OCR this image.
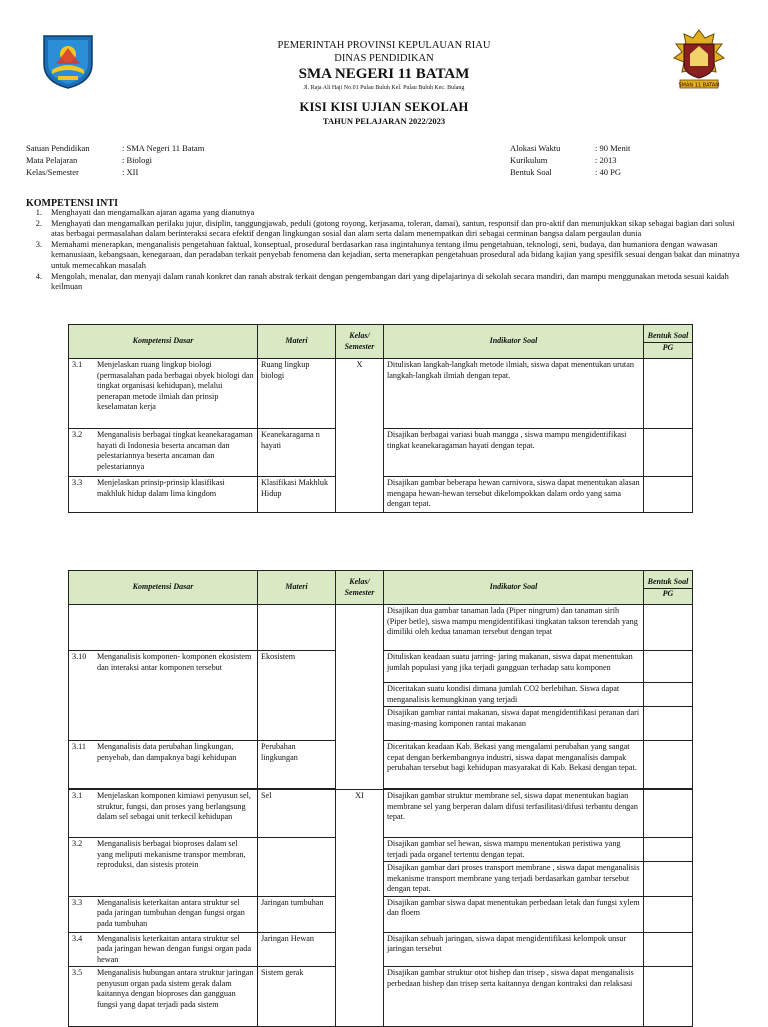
SMAN 11 BATAM
PEMERINTAH PROVINSI KEPULAUAN RIAU
DINAS PENDIDIKAN
SMA NEGERI 11 BATAM
Jl. Raja Ali Haji No.01 Pulau Buluh Kel. Pulau Buluh Kec. Bulang
KISI KISI UJIAN SEKOLAH
TAHUN PELAJARAN 2022/2023
Satuan Pendidikan	: SMA Negeri 11 Batam
Mata Pelajaran	: Biologi
Kelas/Semester	: XII
Alokasi Waktu	: 90 Menit
Kurikulum	: 2013
Bentuk Soal	: 40 PG
KOMPETENSI INTI
1.	Menghayati dan mengamalkan ajaran agama yang dianutnya
2.	Menghayati dan mengamalkan perilaku jujur, disiplin, tanggungjawab, peduli (gotong royong, kerjasama, toleran, damai), santun, responsif dan pro-aktif dan menunjukkan sikap sebagai bagian dari solusi atas berbagai permasalahan dalam berinteraksi secara efektif dengan lingkungan sosial dan alam serta dalam menempatkan diri sebagai cerminan bangsa dalam pergaulan dunia
3.	Memahami menerapkan, menganalisis pengetahuan faktual, konseptual, prosedural berdasarkan rasa ingintahunya tentang ilmu pengetahuan, teknologi, seni, budaya, dan humaniora dengan wawasan kemanusiaan, kebangsaan, kenegaraan, dan peradaban terkait penyebab fenomena dan kejadian, serta menerapkan pengetahuan prosedural ada bidang kajian yang spesifik sesuai dengan bakat dan minatnya untuk memecahkan masalah
4.	Mengolah, menalar, dan menyaji dalam ranah konkret dan ranah abstrak terkait dengan pengembangan dari yang dipelajarinya di sekolah secara mandiri, dan mampu menggunakan metoda sesuai kaidah keilmuan
Kompetensi Dasar	Materi	Kelas/ Semester	Indikator Soal	Bentuk Soal
PG

3.1 Menjelaskan ruang lingkup biologi (permasalahan pada berbagai obyek biologi dan tingkat organisasi kehidupan), melalui penerapan metode ilmiah dan prinsip keselamatan kerja	Ruang lingkup biologi	X	Dituliskan langkah-langkah metode ilmiah, siswa dapat menentukan urutan langkah-langkah ilmiah dengan tepat.	

3.2 Menganalisis berbagai tingkat keanekaragaman hayati di Indonesia beserta ancaman dan pelestariannya beserta ancaman dan pelestariannya	Keanekaragama n hayati		Disajikan berbagai variasi buah mangga , siswa mampu mengidentifikasi tingkat keanekaragaman hayati dengan tepat.	

3.3 Menjelaskan prinsip-prinsip klasifikasi makhluk hidup dalam lima kingdom	Klasifikasi Makhluk Hidup		Disajikan gambar beberapa hewan carnivora, siswa dapat menentukan alasan mengapa hewan-hewan tersebut dikelompokkan dalam ordo yang sama dengan tepat.	
Kompetensi Dasar	Materi	Kelas/ Semester	Indikator Soal	Bentuk Soal
PG

			Disajikan dua gambar tanaman lada (Piper ningrum) dan tanaman sirih (Piper betle), siswa mampu mengidentifikasi tingkatan takson terendah yang dimiliki oleh kedua tanaman tersebut dengan tepat	

3.10 Menganalisis komponen- komponen ekosistem dan interaksi antar komponen tersebut	Ekosistem		Dituliskan keadaan suatu jarring- jaring makanan, siswa dapat menentukan jumlah populasi yang jika terjadi gangguan terhadap satu komponen	
			Diceritakan suatu kondisi dimana jumlah CO2 berlebihan. Siswa dapat menganalisis kemungkinan yang terjadi	
			Disajikan gambar rantai makanan, siswa dapat mengidentifikasi peranan dari masing-masing komponen rantai makanan	

3.11 Menganalisis data perubahan lingkungan, penyebab, dan dampaknya bagi kehidupan	Perubahan lingkungan		Diceritakan keadaan Kab. Bekasi yang mengalami perubahan yang sangat cepat dengan berkembangnya industri, siswa dapat menganalisis dampak perubahan tersebut bagi kehidupan masyarakat di Kab. Bekasi dengan tepat.	

3.1 Menjelaskan komponen kimiawi penyusun sel, struktur, fungsi, dan proses yang berlangsung dalam sel sebagai unit terkecil kehidupan	Sel	XI	Disajikan gambar struktur membrane sel, siswa dapat menentukan bagian membrane sel yang berperan dalam difusi terfasilitasi/difusi terbantu dengan tepat.	

3.2 Menganalisis berbagai bioproses dalam sel yang meliputi mekanisme transpor membran, reproduksi, dan sistesis protein			Disajikan gambar sel hewan, siswa mampu menentukan peristiwa yang terjadi pada organel tertentu dengan tepat.	
			Disajikan gambar dari proses transport membrane , siswa dapat menganalisis mekanisme transport membrane yang terjadi berdasarkan gambar tersebut dengan tepat.	

3.3 Menganalisis keterkaitan antara struktur sel pada jaringan tumbuhan dengan fungsi organ pada tumbuhan	Jaringan tumbuhan		Disajikan gambar siswa dapat menentukan perbedaan letak dan fungsi xylem dan floem	

3.4 Menganalisis keterkaitan antara struktur sel pada jaringan hewan dengan fungsi organ pada hewan	Jaringan Hewan		Disajikan sebuah jaringan, siswa dapat mengidentifikasi kelompok unsur jaringan tersebut	

3.5 Menganalisis hubungan antara struktur jaringan penyusun organ pada sistem gerak dalam kaitannya dengan bioproses dan gangguan fungsi yang dapat terjadi pada sistem	Sistem gerak		Disajikan gambar struktur otot bishep dan trisep , siswa dapat menganalisis perbedaan bishep dan trisep serta kaitannya dengan kontraksi dan relaksasi	
